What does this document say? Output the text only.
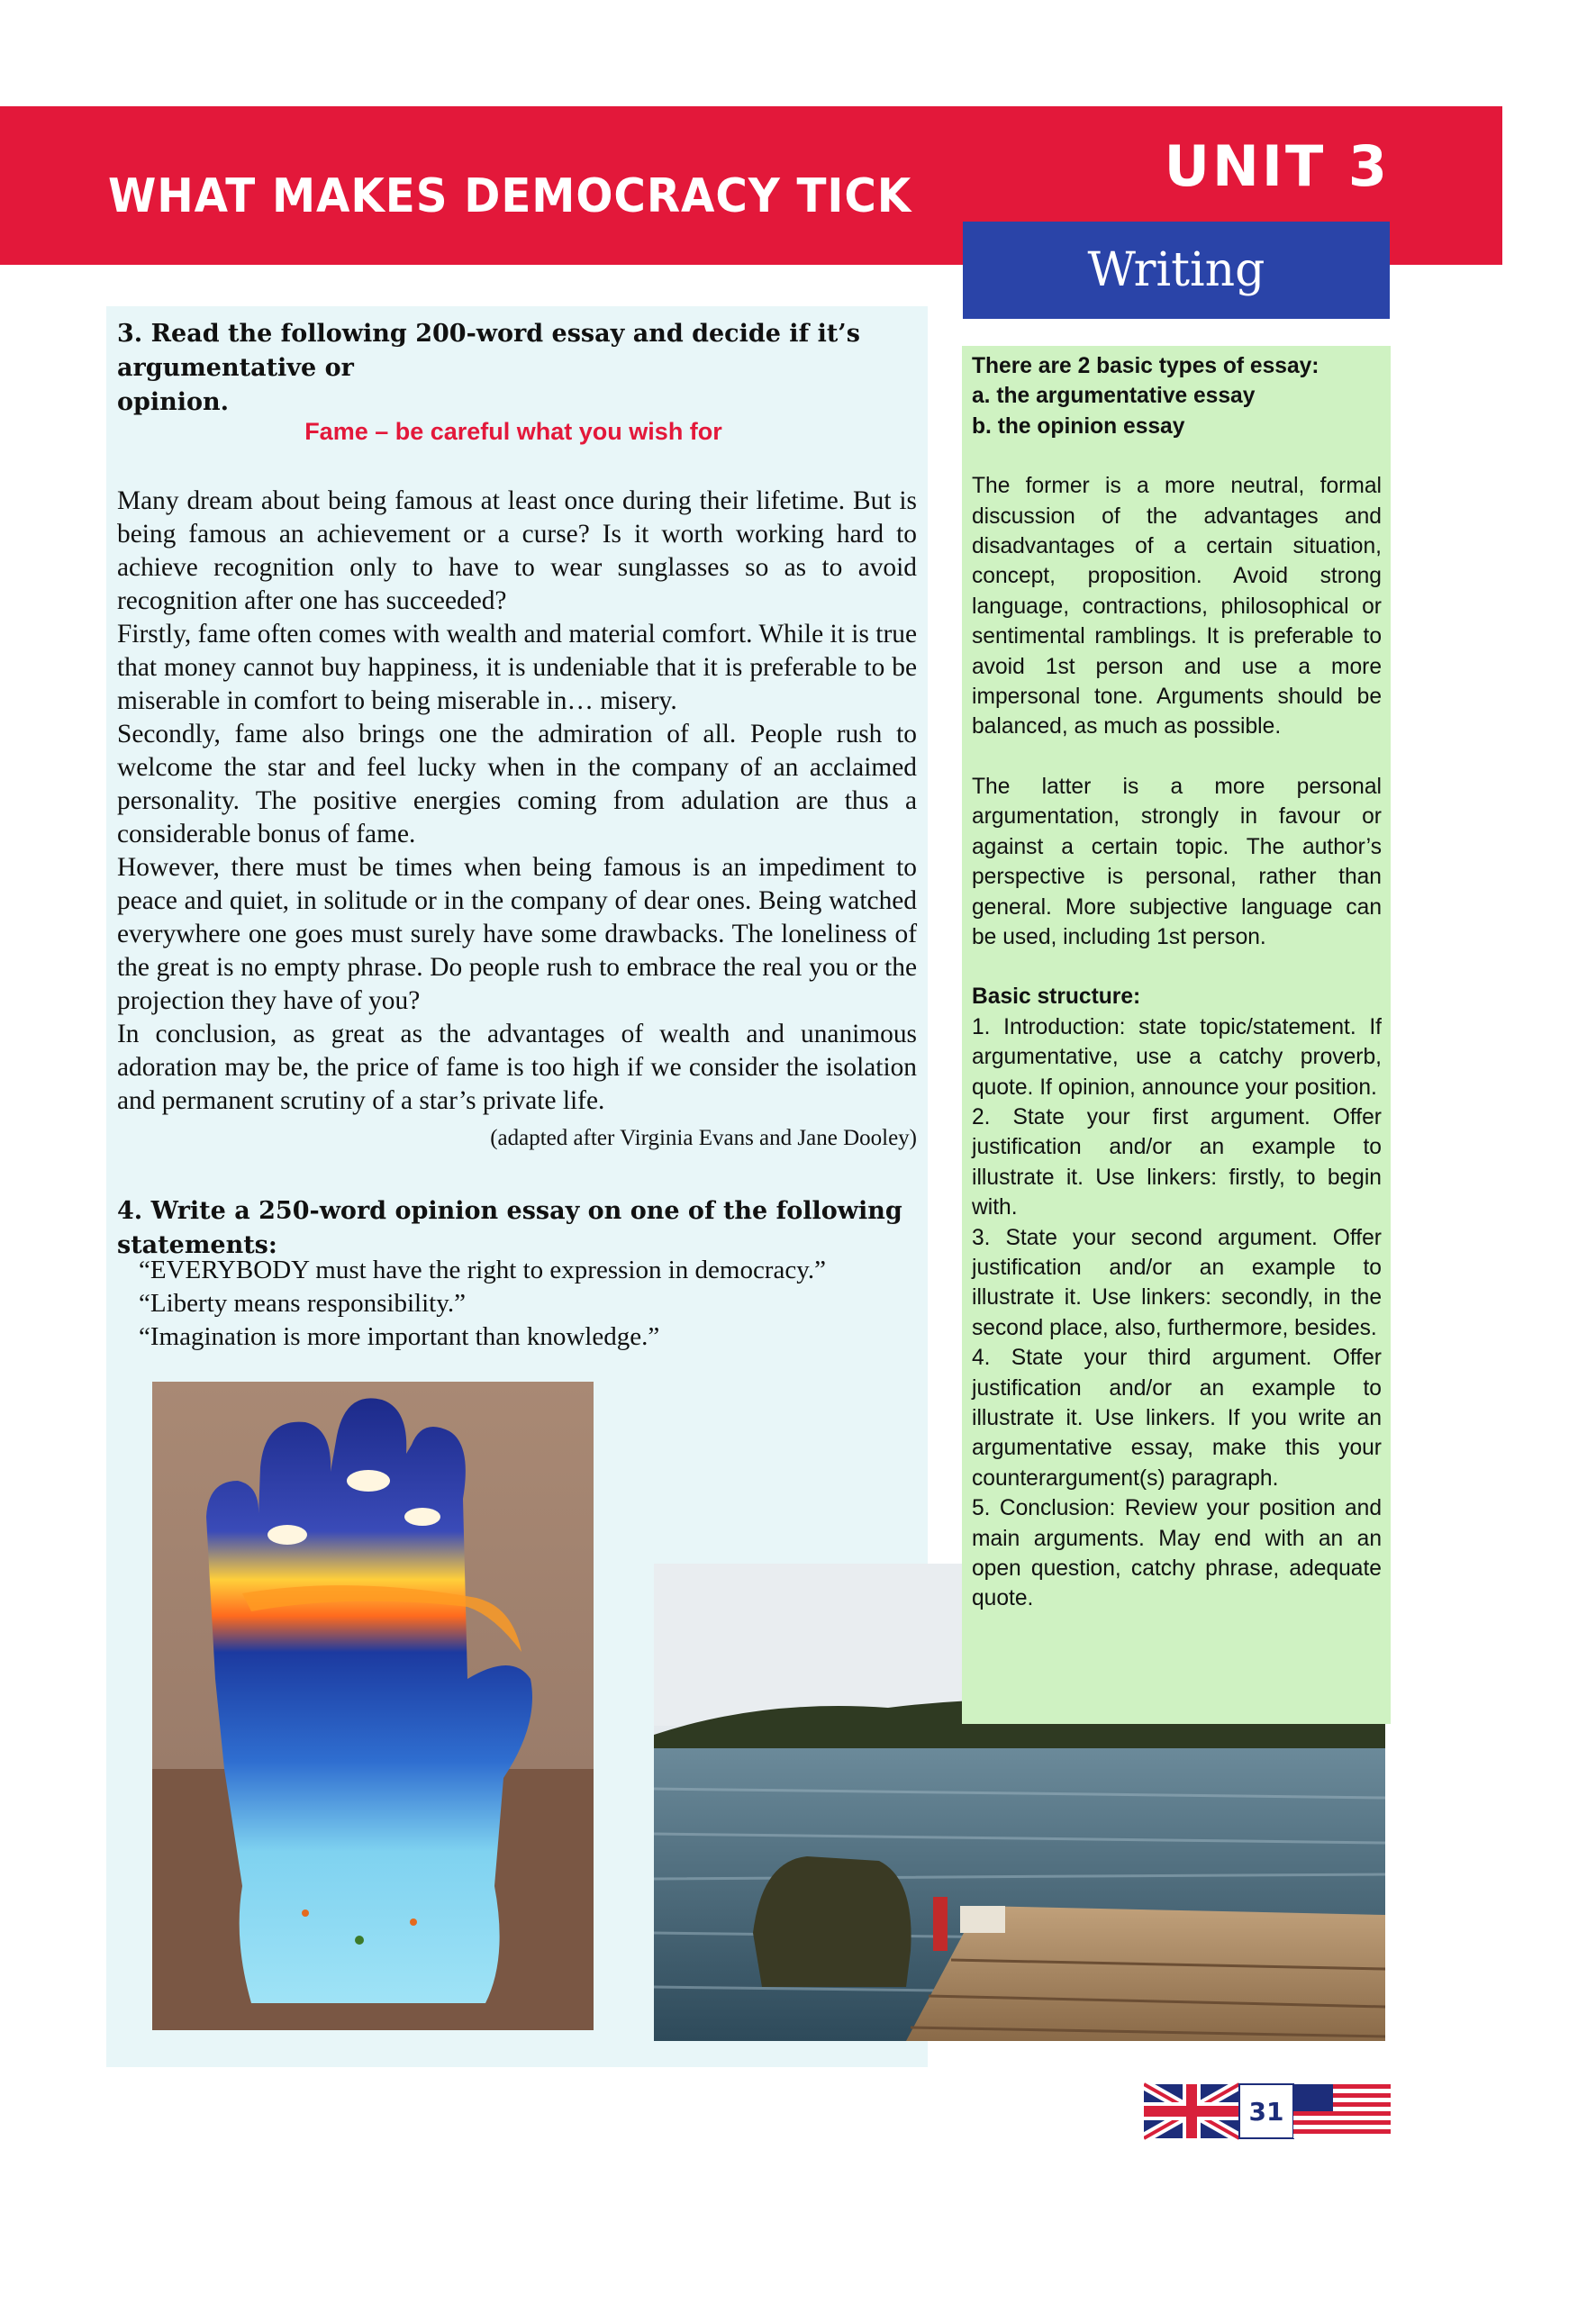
WHAT MAKES DEMOCRACY TICK	UNIT 3
Writing
3. Read the following 200-word essay and decide if it’s argumentative or
opinion.
Fame – be careful what you wish for

Many dream about being famous at least once during their lifetime. But is being famous an achievement or a curse? Is it worth working hard to achieve recognition only to have to wear sunglasses so as to avoid recognition after one has succeeded?

Firstly, fame often comes with wealth and material comfort. While it is true that money cannot buy happiness, it is undeniable that it is preferable to be miserable in comfort to being miserable in… misery.

Secondly, fame also brings one the admiration of all. People rush to welcome the star and feel lucky when in the company of an acclaimed personality. The positive energies coming from adulation are thus a considerable bonus of fame.

However, there must be times when being famous is an impediment to peace and quiet, in solitude or in the company of dear ones. Being watched everywhere one goes must surely have some drawbacks. The loneliness of the great is no empty phrase. Do people rush to embrace the real you or the projection they have of you?

In conclusion, as great as the advantages of wealth and unanimous adoration may be, the price of fame is too high if we consider the isolation and permanent scrutiny of a star’s private life.

(adapted after Virginia Evans and Jane Dooley)
4. Write a 250-word opinion essay on one of the following statements:

“EVERYBODY must have the right to expression in democracy.”

“Liberty means responsibility.”

“Imagination is more important than knowledge.”

There are 2 basic types of essay:

a. the argumentative essay

b. the opinion essay

The former is a more neutral, formal discussion of the advantages and disadvantages of a certain situation, concept, proposition. Avoid strong language, contractions, philosophical or sentimental ramblings. It is preferable to avoid 1st person and use a more impersonal tone. Arguments should be balanced, as much as possible.

The latter is a more personal argumentation, strongly in favour or against a certain topic. The author’s perspective is personal, rather than general. More subjective language can be used, including 1st person.

Basic structure:

1. Introduction: state topic/statement. If argumentative, use a catchy proverb, quote. If opinion, announce your position.

2. State your first argument. Offer justification and/or an example to illustrate it. Use linkers: firstly, to begin with.

3. State your second argument. Offer justification and/or an example to illustrate it. Use linkers: secondly, in the second place, also, furthermore, besides.

4. State your third argument. Offer justification and/or an example to illustrate it. Use linkers. If you write an argumentative essay, make this your counterargument(s) paragraph.

5. Conclusion: Review your position and main arguments. May end with an an open question, catchy phrase, adequate quote.

31
